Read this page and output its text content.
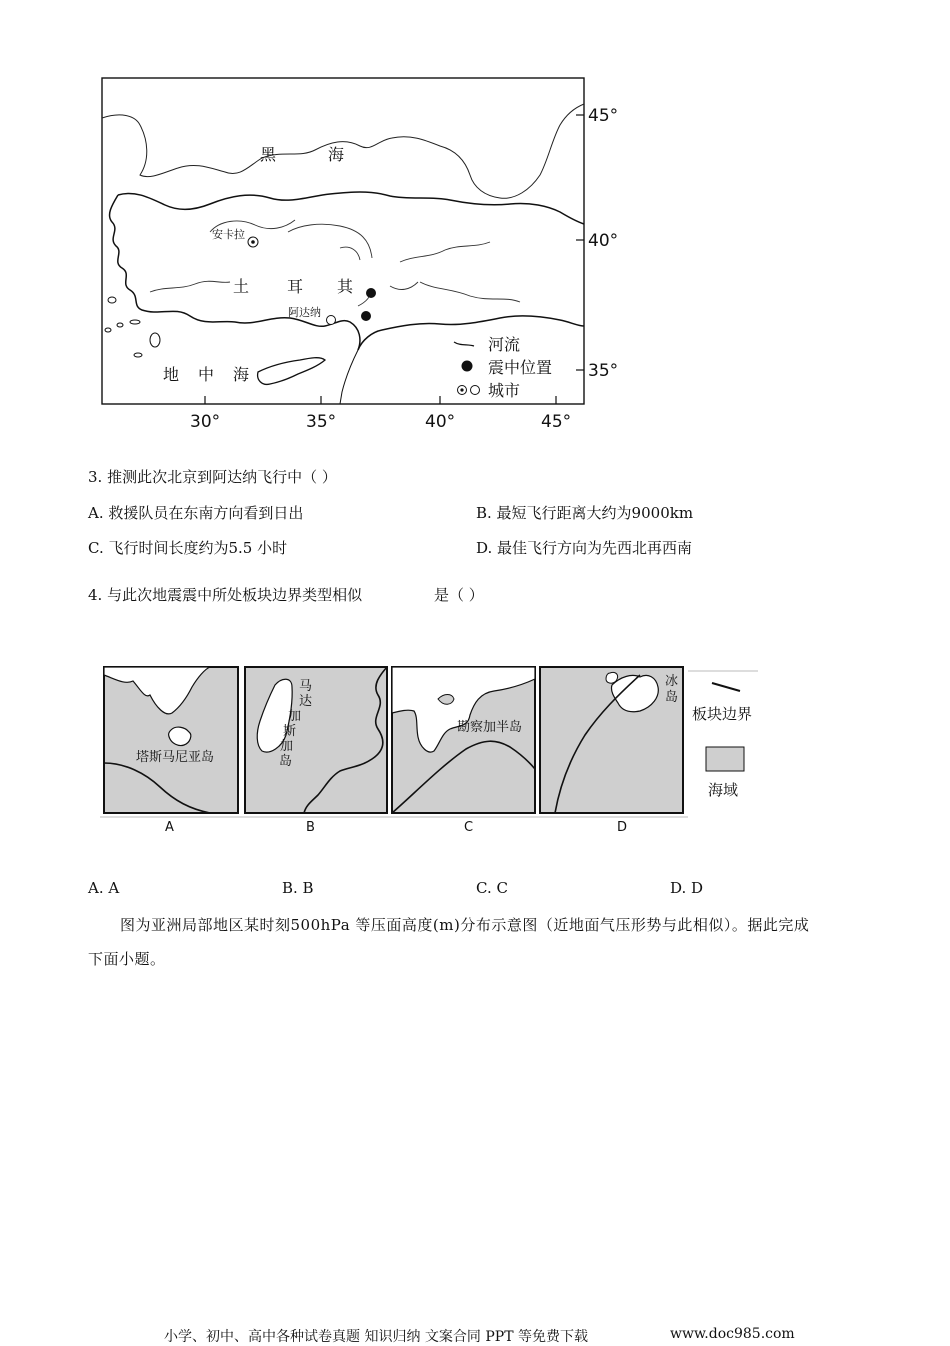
45°
40°
35°
30°	35°	40°	45°
安卡拉
阿达纳
黑	海
土 耳 其
地 中 海
河流
震中位置
城市
3. 推测此次北京到阿达纳飞行中（ ）
A. 救援队员在东南方向看到日出	B. 最短飞行距离大约为9000km
C. 飞行时间长度约为5.5 小时	D. 最佳飞行方向为先西北再西南
4. 与此次地震震中所处板块边界类型相似	是（ ）
塔斯马尼亚岛
A
马
达
加
斯
加
岛
B
勘察加半岛
C
冰
岛
D
板块边界
海域
A. A	B. B	C. C	D. D
图为亚洲局部地区某时刻500hPa 等压面高度(m)分布示意图（近地面气压形势与此相似）。据此完成
下面小题。
小学、初中、高中各种试卷真题 知识归纳 文案合同 PPT 等免费下载	www.doc985.com
